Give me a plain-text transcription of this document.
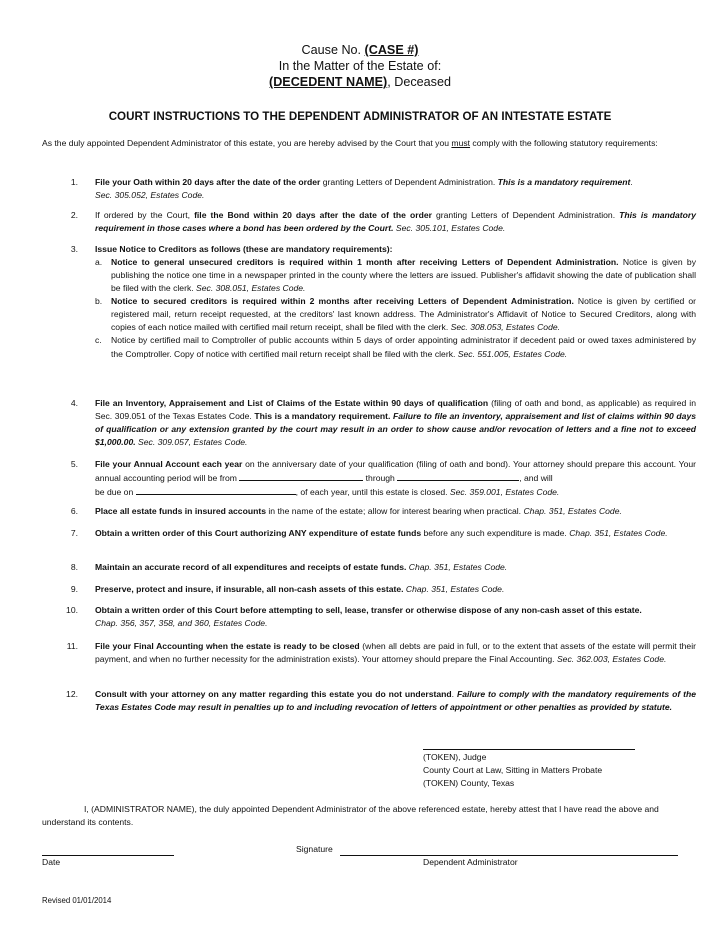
Cause No. (CASE #)
In the Matter of the Estate of:
(DECEDENT NAME), Deceased
COURT INSTRUCTIONS TO THE DEPENDENT ADMINISTRATOR OF AN INTESTATE ESTATE
As the duly appointed Dependent Administrator of this estate, you are hereby advised by the Court that you must comply with the following statutory requirements:
1. File your Oath within 20 days after the date of the order granting Letters of Dependent Administration. This is a mandatory requirement.
Sec. 305.052, Estates Code.
2. If ordered by the Court, file the Bond within 20 days after the date of the order granting Letters of Dependent Administration. This is mandatory requirement in those cases where a bond has been ordered by the Court. Sec. 305.101, Estates Code.
3. Issue Notice to Creditors as follows (these are mandatory requirements):
a.	Notice to general unsecured creditors is required within 1 month after receiving Letters of Dependent Administration. Notice is given by publishing the notice one time in a newspaper printed in the county where the letters are issued. Publisher's affidavit showing the date of publication shall be filed with the clerk. Sec. 308.051, Estates Code.
b.	Notice to secured creditors is required within 2 months after receiving Letters of Dependent Administration. Notice is given by certified or registered mail, return receipt requested, at the creditors' last known address. The Administrator's Affidavit of Notice to Secured Creditors, along with copies of each notice mailed with certified mail return receipt, shall be filed with the clerk. Sec. 308.053, Estates Code.
c.	Notice by certified mail to Comptroller of public accounts within 5 days of order appointing administrator if decedent paid or owed taxes administered by the Comptroller. Copy of notice with certified mail return receipt shall be filed with the clerk. Sec. 551.005, Estates Code.
4. File an Inventory, Appraisement and List of Claims of the Estate within 90 days of qualification (filing of oath and bond, as applicable) as required in Sec. 309.051 of the Texas Estates Code. This is a mandatory requirement. Failure to file an inventory, appraisement and list of claims within 90 days of qualification or any extension granted by the court may result in an order to show cause and/or revocation of letters and a fine not to exceed $1,000.00. Sec. 309.057, Estates Code.
5. File your Annual Account each year on the anniversary date of your qualification (filing of oath and bond). Your attorney should prepare this account. Your annual accounting period will be from	through	, and will
be due on	, of each year, until this estate is closed. Sec. 359.001, Estates Code.
6. Place all estate funds in insured accounts in the name of the estate; allow for interest bearing when practical. Chap. 351, Estates Code.
7. Obtain a written order of this Court authorizing ANY expenditure of estate funds before any such expenditure is made. Chap. 351, Estates Code.
8. Maintain an accurate record of all expenditures and receipts of estate funds. Chap. 351, Estates Code.
9. Preserve, protect and insure, if insurable, all non-cash assets of this estate. Chap. 351, Estates Code.
10. Obtain a written order of this Court before attempting to sell, lease, transfer or otherwise dispose of any non-cash asset of this estate.
Chap. 356, 357, 358, and 360, Estates Code.
11. File your Final Accounting when the estate is ready to be closed (when all debts are paid in full, or to the extent that assets of the estate will permit their payment, and when no further necessity for the administration exists). Your attorney should prepare the Final Accounting. Sec. 362.003, Estates Code.
12. Consult with your attorney on any matter regarding this estate you do not understand. Failure to comply with the mandatory requirements of the Texas Estates Code may result in penalties up to and including revocation of letters of appointment or other penalties as provided by statute.
(TOKEN), Judge
County Court at Law, Sitting in Matters Probate
(TOKEN) County, Texas
I, (ADMINISTRATOR NAME), the duly appointed Dependent Administrator of the above referenced estate, hereby attest that I have read the above and understand its contents.
Signature
Date	Dependent Administrator
Revised 01/01/2014
